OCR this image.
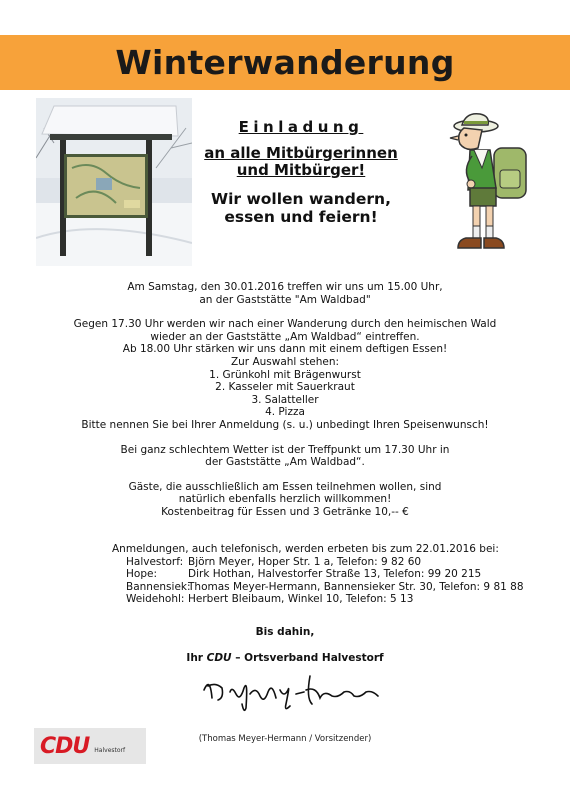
Winterwanderung
Einladung
an alle Mitbürgerinnen
und Mitbürger!
Wir wollen wandern,
essen und feiern!

Am Samstag, den 30.01.2016 treffen wir uns um 15.00 Uhr,

an der Gaststätte "Am Waldbad"

Gegen 17.30 Uhr werden wir nach einer Wanderung durch den heimischen Wald

wieder an der Gaststätte „Am Waldbad“ eintreffen.

Ab 18.00 Uhr stärken wir uns dann mit einem deftigen Essen!

Zur Auswahl stehen:

1. Grünkohl mit Brägenwurst

2. Kasseler mit Sauerkraut

3. Salatteller

4. Pizza

Bitte nennen Sie bei Ihrer Anmeldung (s. u.) unbedingt Ihren Speisenwunsch!

Bei ganz schlechtem Wetter ist der Treffpunkt um 17.30 Uhr in

der Gaststätte „Am Waldbad“.

Gäste, die ausschließlich am Essen teilnehmen wollen, sind

natürlich ebenfalls herzlich willkommen!

Kostenbeitrag für Essen und 3 Getränke 10,-- €

Anmeldungen, auch telefonisch, werden erbeten bis zum 22.01.2016 bei:
Halvestorf: Björn Meyer, Hoper Str. 1 a, Telefon: 9 82 60
Hope:	Dirk Hothan, Halvestorfer Straße 13, Telefon: 99 20 215
Bannensiek:
Thomas Meyer-Hermann, Bannensieker Str. 30, Telefon: 9 81 88
Weidehohl: Herbert Bleibaum, Winkel 10, Telefon: 5 13
Bis dahin,
Ihr CDU – Ortsverband Halvestorf
(Thomas Meyer-Hermann / Vorsitzender)
CDU Halvestorf
